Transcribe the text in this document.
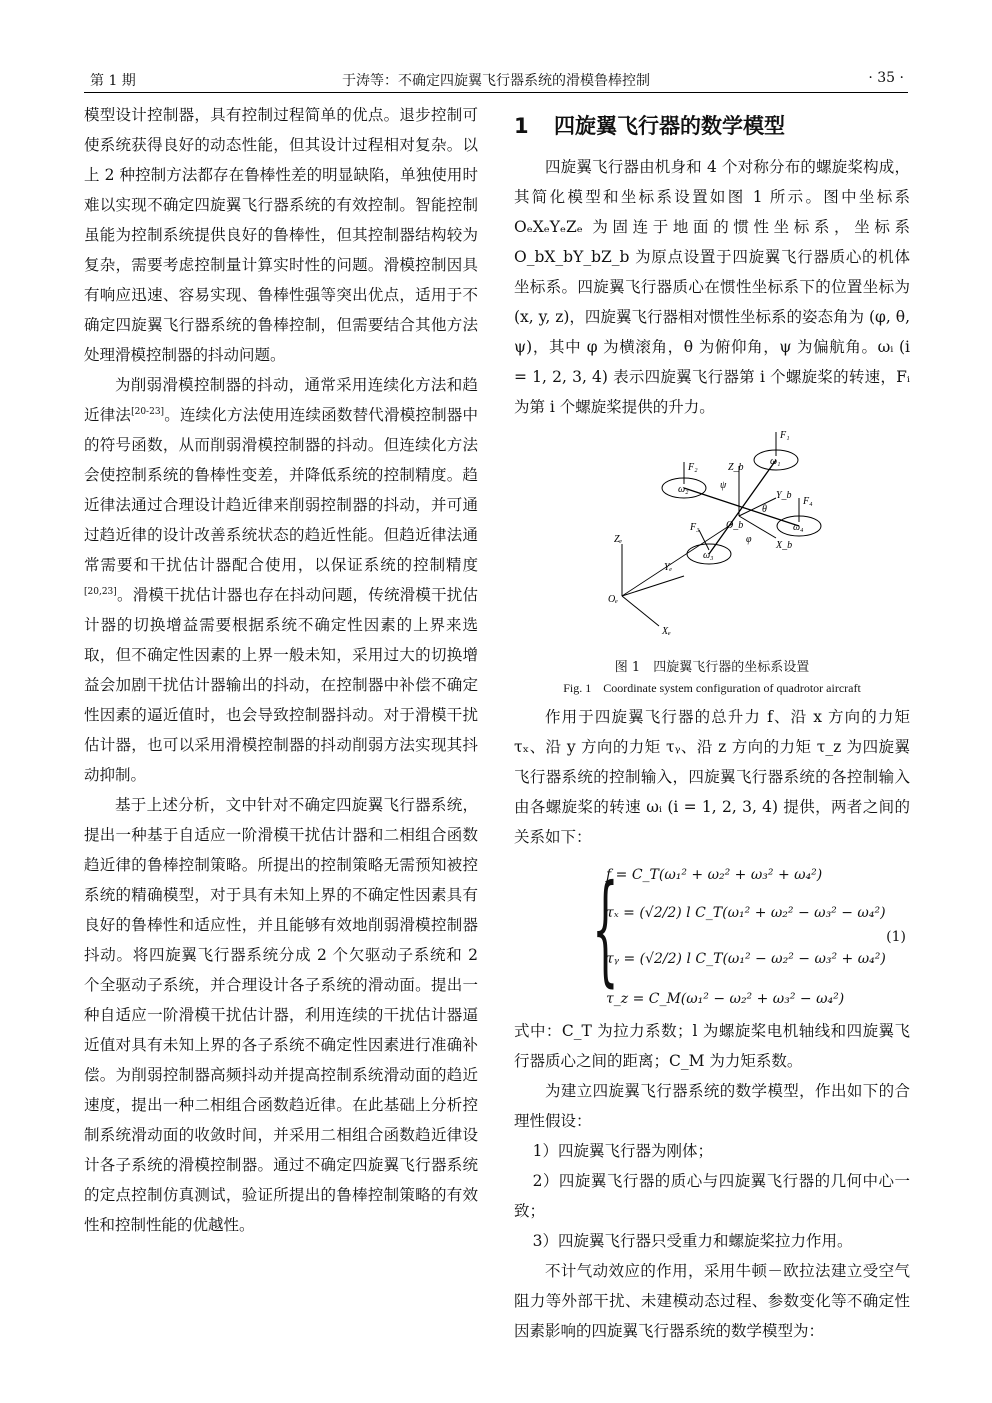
第 1 期	于涛等：不确定四旋翼飞行器系统的滑模鲁棒控制	· 35 ·

模型设计控制器，具有控制过程简单的优点。退步控制可使系统获得良好的动态性能，但其设计过程相对复杂。以上 2 种控制方法都存在鲁棒性差的明显缺陷，单独使用时难以实现不确定四旋翼飞行器系统的有效控制。智能控制虽能为控制系统提供良好的鲁棒性，但其控制器结构较为复杂，需要考虑控制量计算实时性的问题。滑模控制因具有响应迅速、容易实现、鲁棒性强等突出优点，适用于不确定四旋翼飞行器系统的鲁棒控制，但需要结合其他方法处理滑模控制器的抖动问题。

为削弱滑模控制器的抖动，通常采用连续化方法和趋近律法[20-23]。连续化方法使用连续函数替代滑模控制器中的符号函数，从而削弱滑模控制器的抖动。但连续化方法会使控制系统的鲁棒性变差，并降低系统的控制精度。趋近律法通过合理设计趋近律来削弱控制器的抖动，并可通过趋近律的设计改善系统状态的趋近性能。但趋近律法通常需要和干扰估计器配合使用，以保证系统的控制精度[20,23]。滑模干扰估计器也存在抖动问题，传统滑模干扰估计器的切换增益需要根据系统不确定性因素的上界来选取，但不确定性因素的上界一般未知，采用过大的切换增益会加剧干扰估计器输出的抖动，在控制器中补偿不确定性因素的逼近值时，也会导致控制器抖动。对于滑模干扰估计器，也可以采用滑模控制器的抖动削弱方法实现其抖动抑制。

基于上述分析，文中针对不确定四旋翼飞行器系统，提出一种基于自适应一阶滑模干扰估计器和二相组合函数趋近律的鲁棒控制策略。所提出的控制策略无需预知被控系统的精确模型，对于具有未知上界的不确定性因素具有良好的鲁棒性和适应性，并且能够有效地削弱滑模控制器抖动。将四旋翼飞行器系统分成 2 个欠驱动子系统和 2 个全驱动子系统，并合理设计各子系统的滑动面。提出一种自适应一阶滑模干扰估计器，利用连续的干扰估计器逼近值对具有未知上界的各子系统不确定性因素进行准确补偿。为削弱控制器高频抖动并提高控制系统滑动面的趋近速度，提出一种二相组合函数趋近律。在此基础上分析控制系统滑动面的收敛时间，并采用二相组合函数趋近律设计各子系统的滑模控制器。通过不确定四旋翼飞行器系统的定点控制仿真测试，验证所提出的鲁棒控制策略的有效性和控制性能的优越性。

1 四旋翼飞行器的数学模型

四旋翼飞行器由机身和 4 个对称分布的螺旋桨构成，其简化模型和坐标系设置如图 1 所示。图中坐标系 OₑXₑYₑZₑ 为固连于地面的惯性坐标系，坐标系 O_bX_bY_bZ_b 为原点设置于四旋翼飞行器质心的机体坐标系。四旋翼飞行器质心在惯性坐标系下的位置坐标为 (x, y, z)，四旋翼飞行器相对惯性坐标系的姿态角为 (φ, θ, ψ)，其中 φ 为横滚角，θ 为俯仰角，ψ 为偏航角。ωᵢ (i = 1, 2, 3, 4) 表示四旋翼飞行器第 i 个螺旋桨的转速，Fᵢ 为第 i 个螺旋桨提供的升力。

Zₑ
Oₑ
Xₑ
Yₑ
ω₁
ω₂
ω₃
ω₄
F₁
F₂
F₃
F₄
Z_b
X_b
Y_b
O_b
ψ
θ
φ
图 1　四旋翼飞行器的坐标系设置
Fig. 1　Coordinate system configuration of quadrotor aircraft

作用于四旋翼飞行器的总升力 f、沿 x 方向的力矩 τₓ、沿 y 方向的力矩 τᵧ、沿 z 方向的力矩 τ_z 为四旋翼飞行器系统的控制输入，四旋翼飞行器系统的各控制输入由各螺旋桨的转速 ωᵢ (i = 1, 2, 3, 4) 提供，两者之间的关系如下：

{
f = C_T(ω₁² + ω₂² + ω₃² + ω₄²)
τₓ = (√2/2) l C_T(ω₁² + ω₂² − ω₃² − ω₄²)
τᵧ = (√2/2) l C_T(ω₁² − ω₂² − ω₃² + ω₄²)
τ_z = C_M(ω₁² − ω₂² + ω₃² − ω₄²)
(1)

式中：C_T 为拉力系数；l 为螺旋桨电机轴线和四旋翼飞行器质心之间的距离；C_M 为力矩系数。

为建立四旋翼飞行器系统的数学模型，作出如下的合理性假设：

1）四旋翼飞行器为刚体；

2）四旋翼飞行器的质心与四旋翼飞行器的几何中心一致；

3）四旋翼飞行器只受重力和螺旋桨拉力作用。

不计气动效应的作用，采用牛顿－欧拉法建立受空气阻力等外部干扰、未建模动态过程、参数变化等不确定性因素影响的四旋翼飞行器系统的数学模型为：
